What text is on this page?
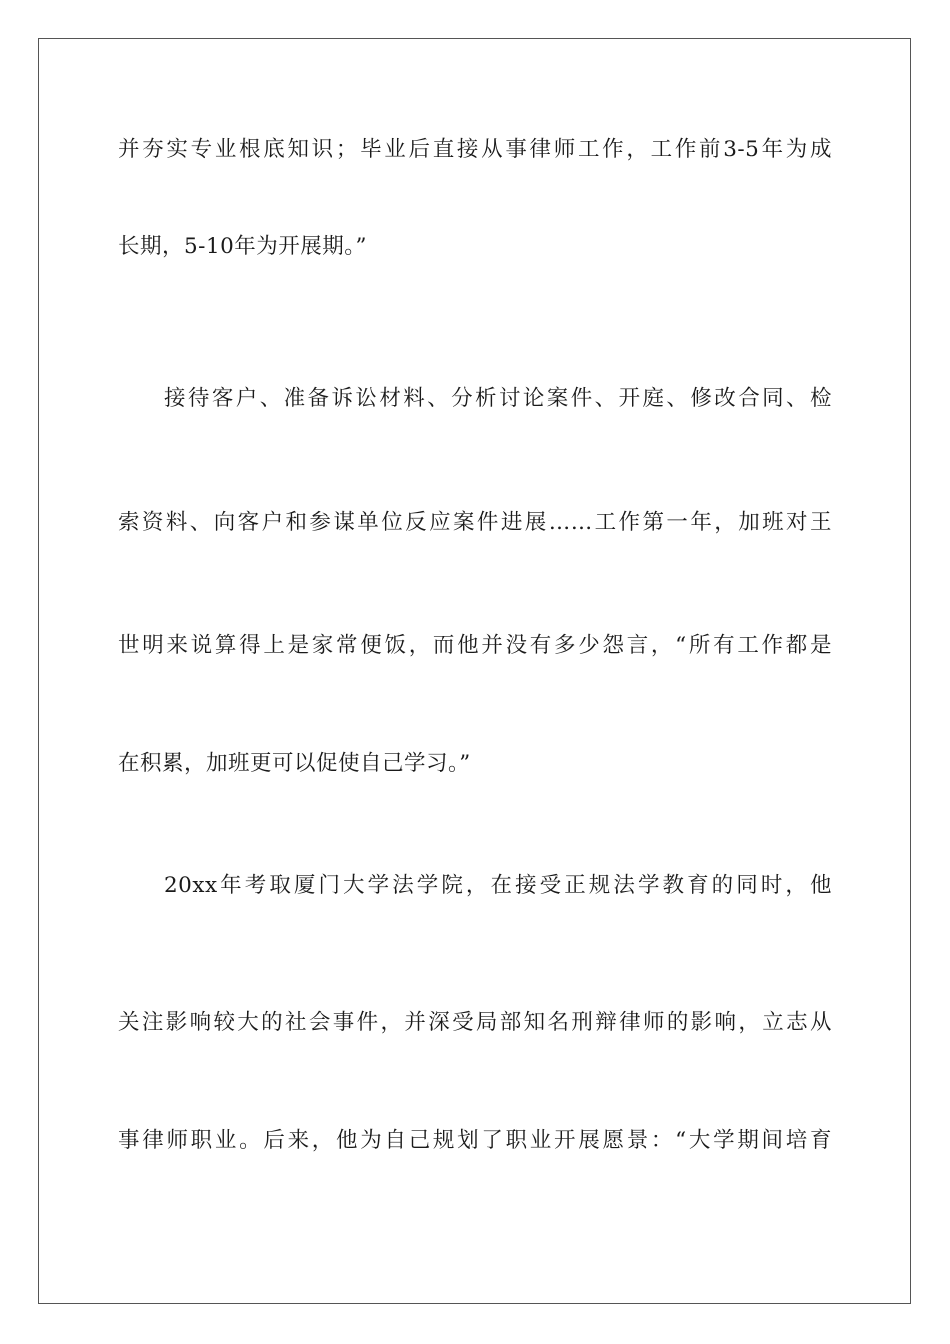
并夯实专业根底知识；毕业后直接从事律师工作，工作前3-5年为成
长期，5-10年为开展期。”
接待客户、准备诉讼材料、分析讨论案件、开庭、修改合同、检
索资料、向客户和参谋单位反应案件进展……工作第一年，加班对王
世明来说算得上是家常便饭，而他并没有多少怨言，“所有工作都是
在积累，加班更可以促使自己学习。”
20xx年考取厦门大学法学院，在接受正规法学教育的同时，他
关注影响较大的社会事件，并深受局部知名刑辩律师的影响，立志从
事律师职业。后来，他为自己规划了职业开展愿景：“大学期间培育
